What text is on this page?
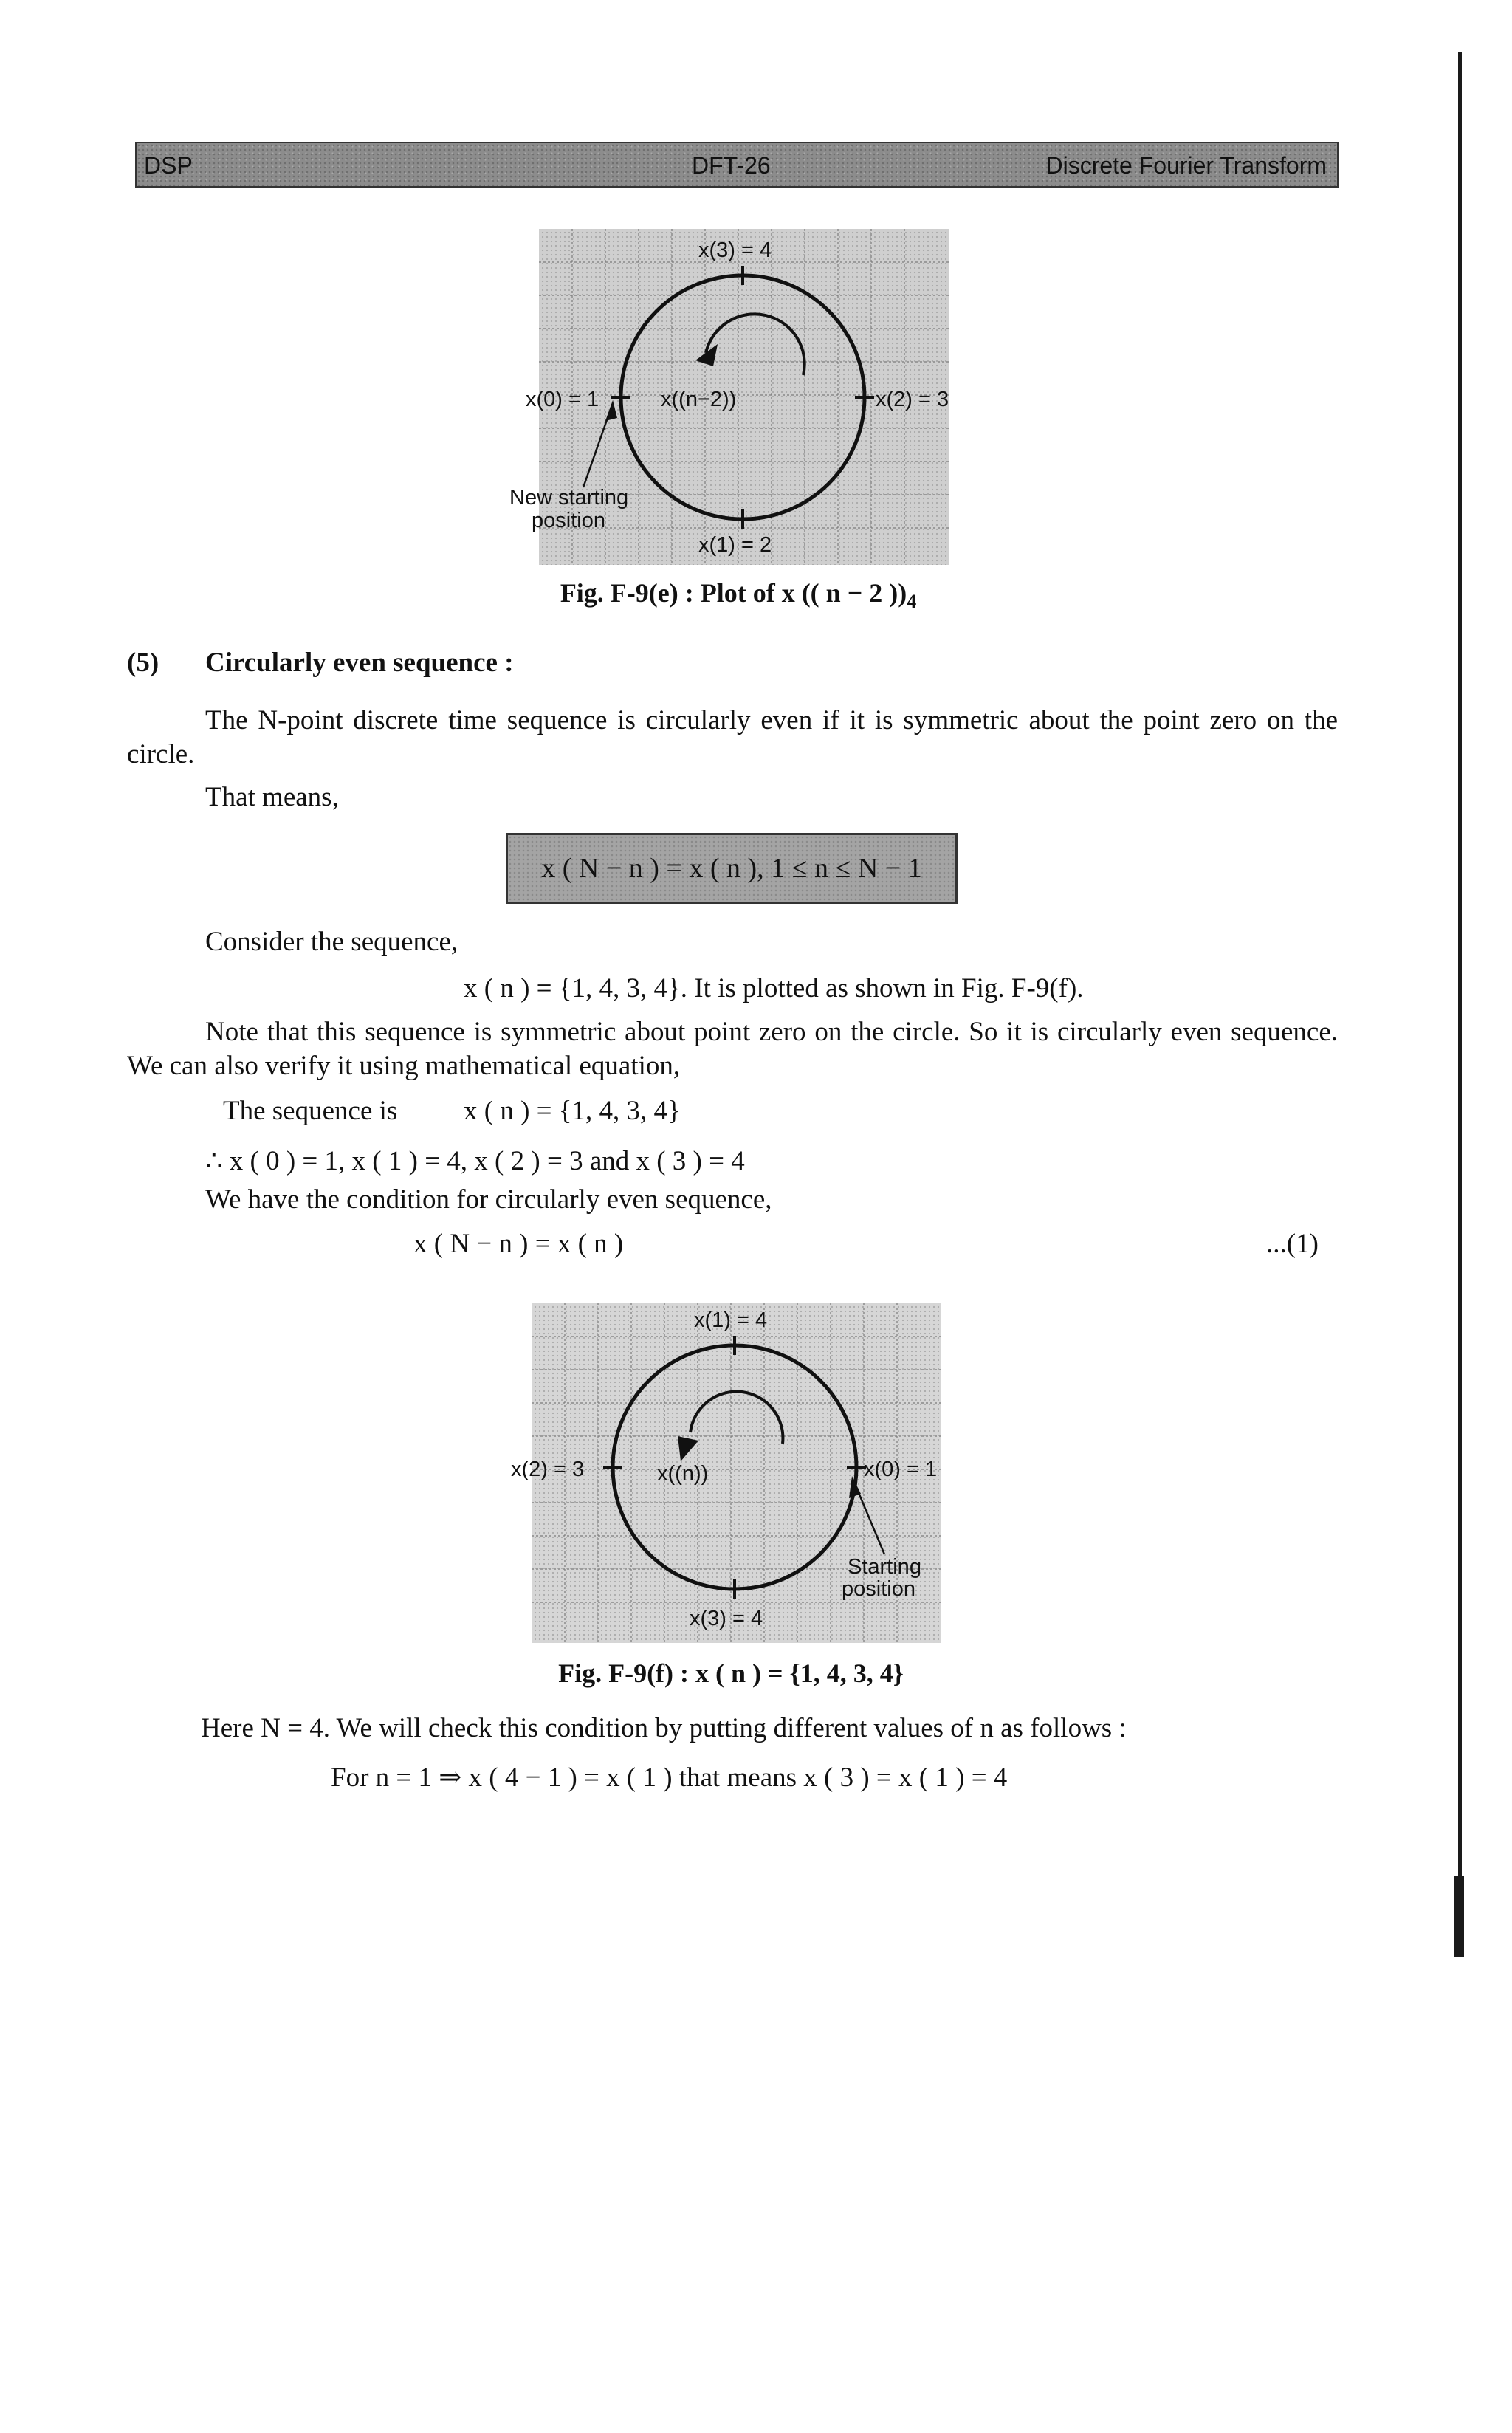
DSP	DFT-26	Discrete Fourier Transform
x(3) = 4
x(0) = 1	x((n−2))	x(2) = 3
x(1) = 2
New starting
position
Fig. F-9(e) : Plot of x (( n − 2 ))$_4$
(5) Circularly even sequence :
The N-point discrete time sequence is circularly even if it is symmetric about the point zero on the circle.
That means,
x ( N − n ) = x ( n ), 1 ≤ n ≤ N − 1
Consider the sequence,
x ( n ) = {1, 4, 3, 4}. It is plotted as shown in Fig. F-9(f).
Note that this sequence is symmetric about point zero on the circle. So it is circularly even sequence. We can also verify it using mathematical equation,
The sequence is x ( n ) = {1, 4, 3, 4}
∴ x ( 0 ) = 1, x ( 1 ) = 4, x ( 2 ) = 3 and x ( 3 ) = 4
We have the condition for circularly even sequence,
x ( N − n ) = x ( n )	...(1)
x(1) = 4
x(2) = 3	x((n))	x(0) = 1
x(3) = 4
Starting
position
Fig. F-9(f) : x ( n ) = {1, 4, 3, 4}
Here N = 4. We will check this condition by putting different values of n as follows :
For n = 1 ⇒ x ( 4 − 1 ) = x ( 1 ) that means x ( 3 ) = x ( 1 ) = 4
